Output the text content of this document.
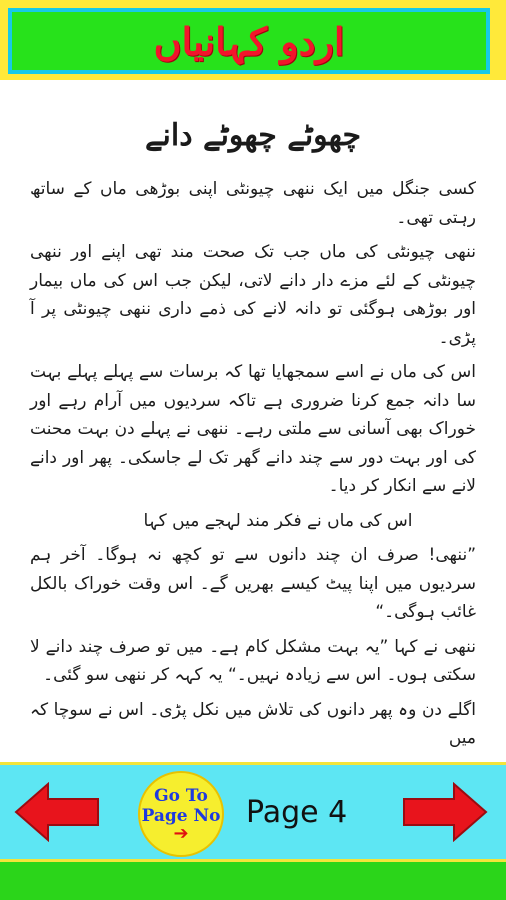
اردو کہانیاں
چھوٹے چھوٹے دانے

کسی جنگل میں ایک ننھی چیونٹی اپنی بوڑھی ماں کے ساتھ رہتی تھی۔

ننھی چیونٹی کی ماں جب تک صحت مند تھی اپنے اور ننھی چیونٹی کے لئے مزے دار دانے لاتی، لیکن جب اس کی ماں بیمار اور بوڑھی ہوگئی تو دانہ لانے کی ذمے داری ننھی چیونٹی پر آ پڑی۔

اس کی ماں نے اسے سمجھایا تھا کہ برسات سے پہلے پہلے بہت سا دانہ جمع کرنا ضروری ہے تاکہ سردیوں میں آرام رہے اور خوراک بھی آسانی سے ملتی رہے۔ ننھی نے پہلے دن بہت محنت کی اور بہت دور سے چند دانے گھر تک لے جاسکی۔ پھر اور دانے لانے سے انکار کر دیا۔

اس کی ماں نے فکر مند لہجے میں کہا

”ننھی! صرف ان چند دانوں سے تو کچھ نہ ہوگا۔ آخر ہم سردیوں میں اپنا پیٹ کیسے بھریں گے۔ اس وقت خوراک بالکل غائب ہوگی۔“

ننھی نے کہا ”یہ بہت مشکل کام ہے۔ میں تو صرف چند دانے لا سکتی ہوں۔ اس سے زیادہ نہیں۔“ یہ کہہ کر ننھی سو گئی۔

اگلے دن وہ پھر دانوں کی تلاش میں نکل پڑی۔ اس نے سوچا کہ میں

Go To
Page No
➔
Page 4
